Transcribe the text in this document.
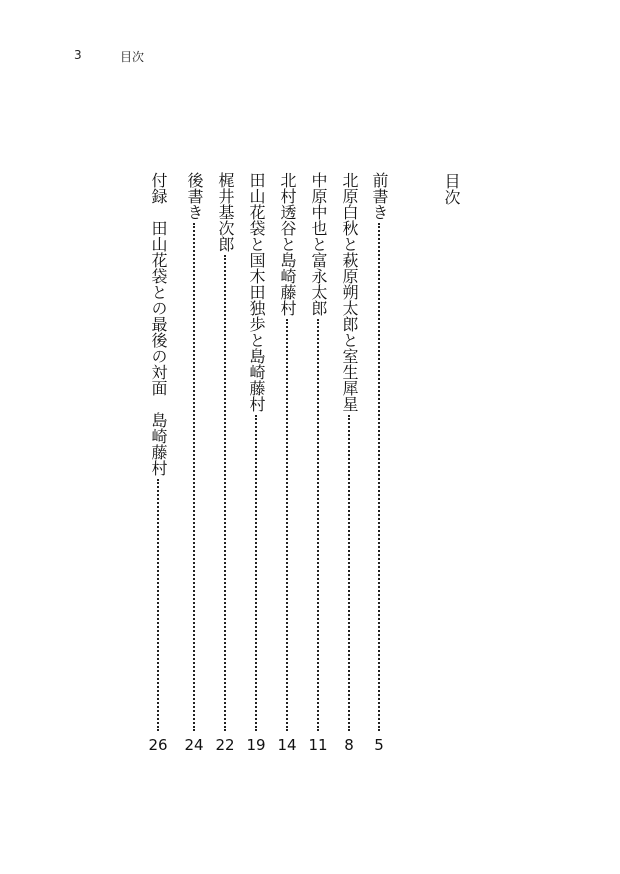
3	目次
目次
前書き
5
北原白秋と萩原朔太郎と室生犀星
8
中原中也と富永太郎
11
北村透谷と島崎藤村
14
田山花袋と国木田独歩と島崎藤村
19
梶井基次郎
22
後書き
24
付録田山花袋との最後の対面島崎藤村
26
